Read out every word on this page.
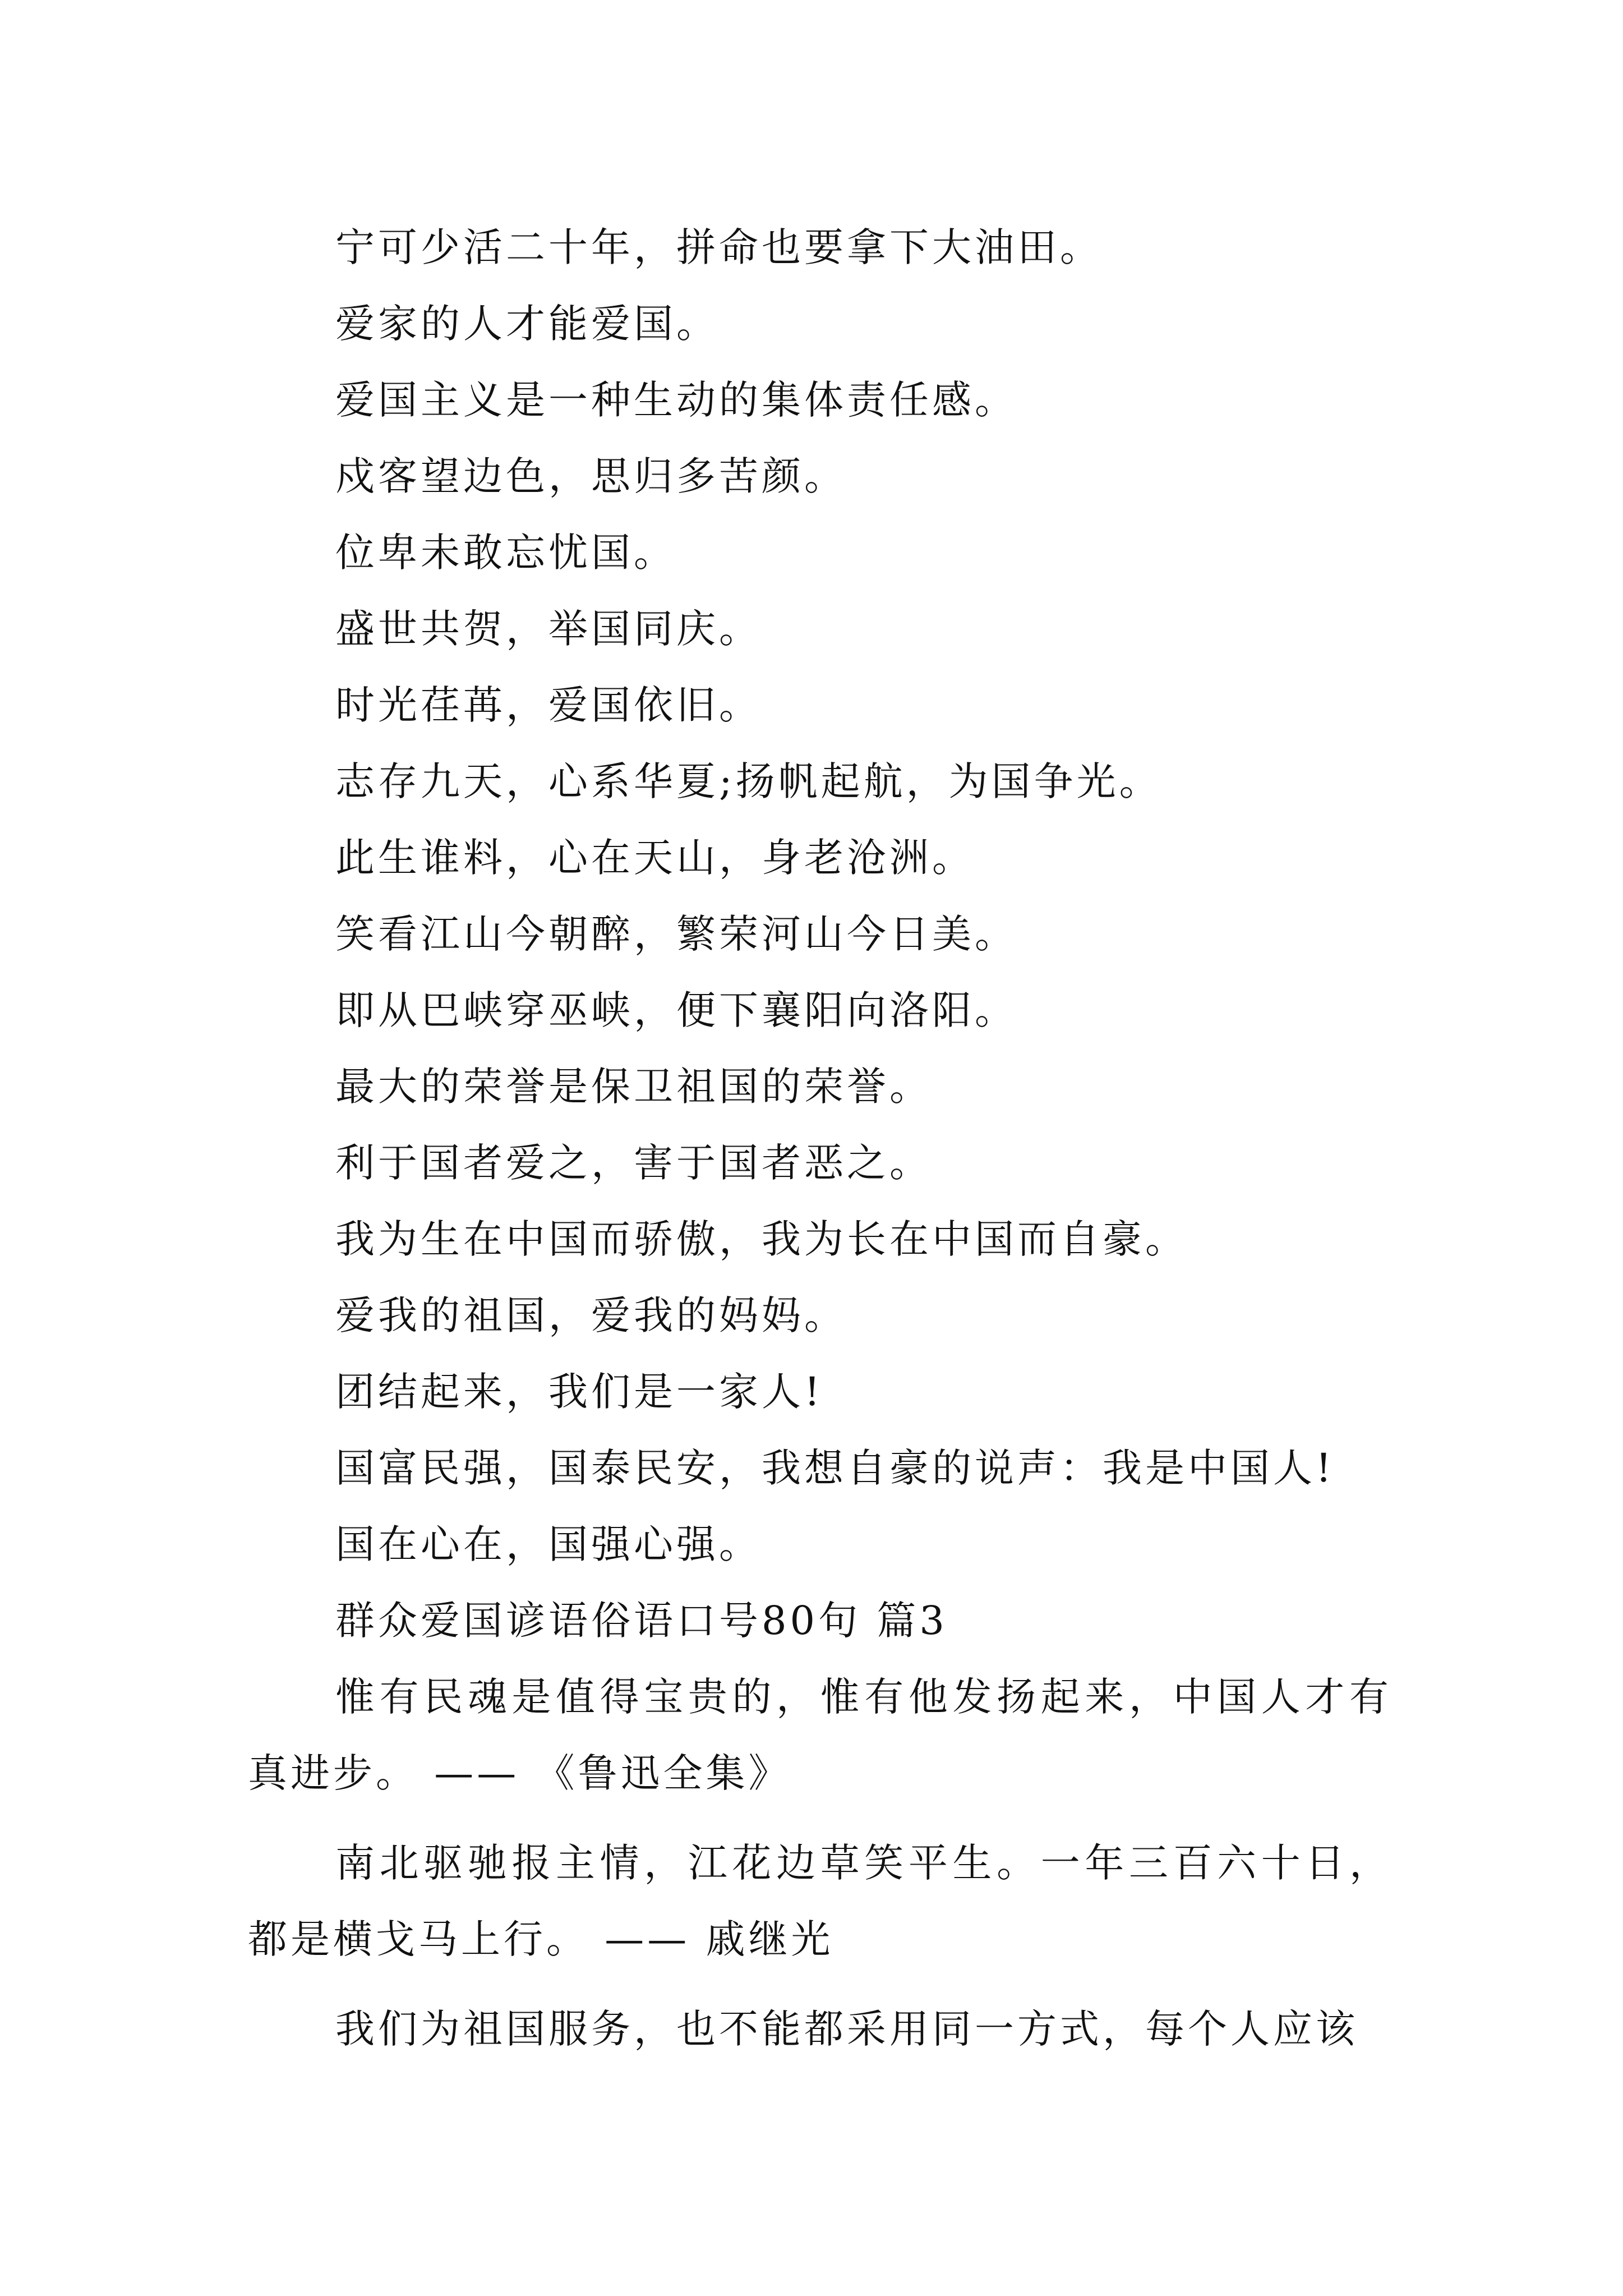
宁可少活二十年，拼命也要拿下大油田。
爱家的人才能爱国。
爱国主义是一种生动的集体责任感。
戍客望边色，思归多苦颜。
位卑未敢忘忧国。
盛世共贺，举国同庆。
时光荏苒，爱国依旧。
志存九天，心系华夏;扬帆起航，为国争光。
此生谁料，心在天山，身老沧洲。
笑看江山今朝醉，繁荣河山今日美。
即从巴峡穿巫峡，便下襄阳向洛阳。
最大的荣誉是保卫祖国的荣誉。
利于国者爱之，害于国者恶之。
我为生在中国而骄傲，我为长在中国而自豪。
爱我的祖国，爱我的妈妈。
团结起来，我们是一家人!
国富民强，国泰民安，我想自豪的说声：我是中国人!
国在心在，国强心强。
群众爱国谚语俗语口号80句 篇3

惟有民魂是值得宝贵的，惟有他发扬起来，中国人才有真进步。 —— 《鲁迅全集》

南北驱驰报主情，江花边草笑平生。一年三百六十日，都是横戈马上行。 —— 戚继光

我们为祖国服务，也不能都采用同一方式，每个人应该
